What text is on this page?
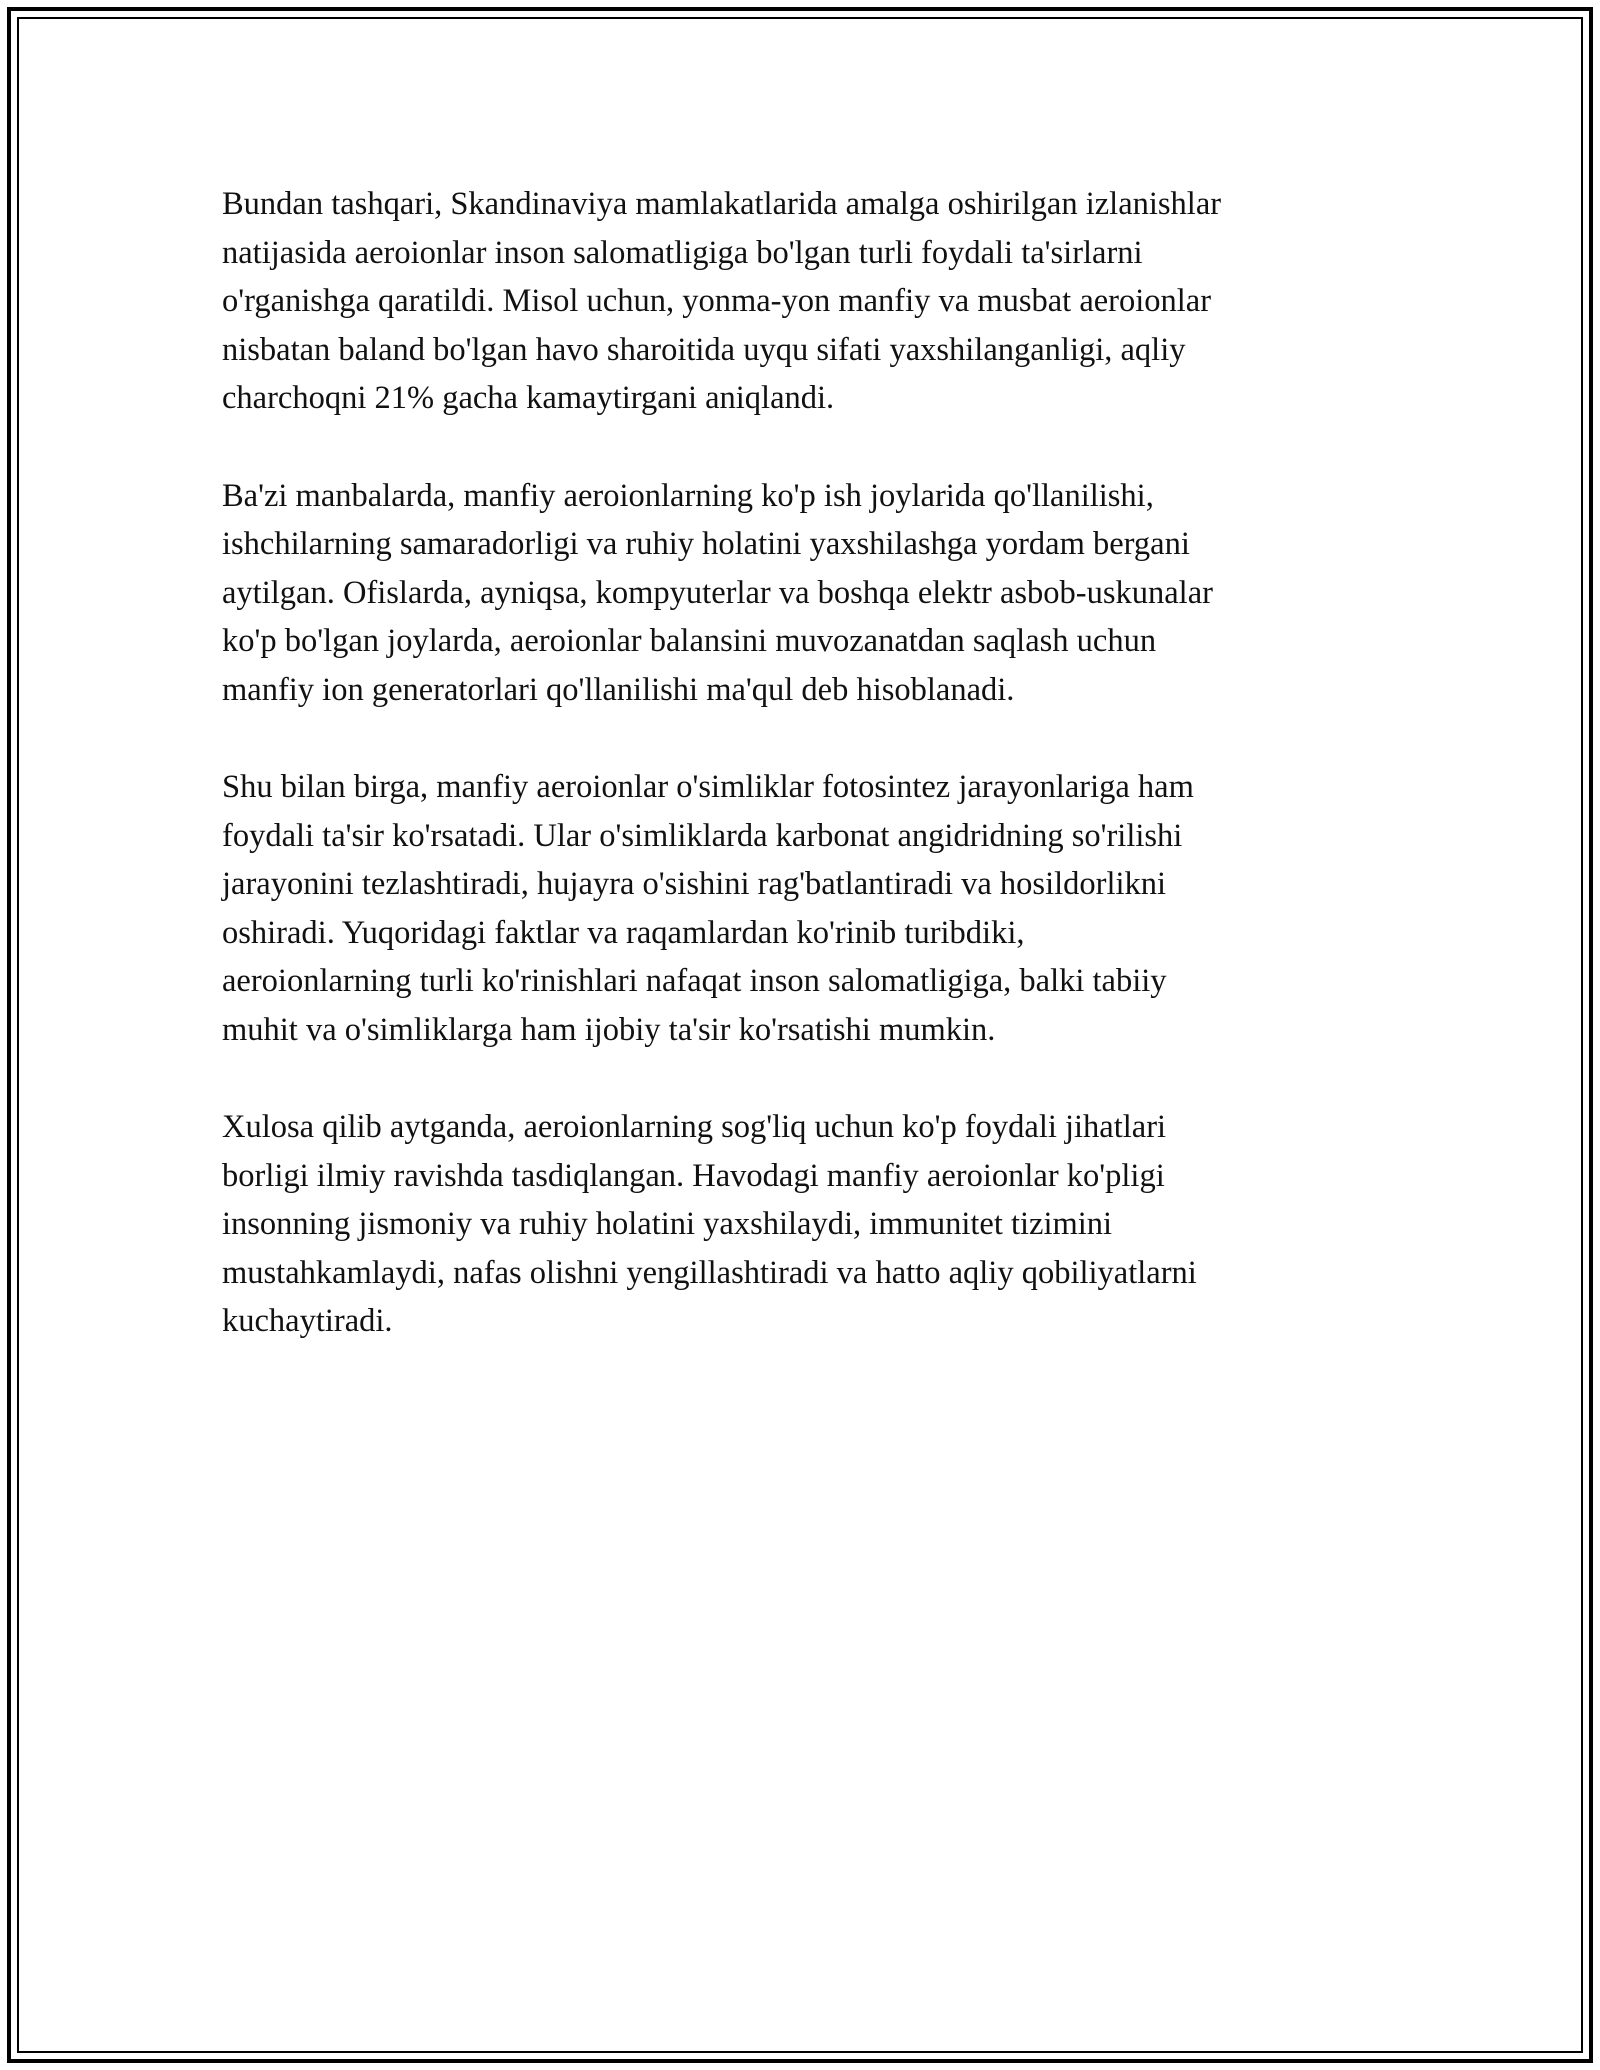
Bundan tashqari, Skandinaviya mamlakatlarida amalga oshirilgan izlanishlar
natijasida aeroionlar inson salomatligiga bo'lgan turli foydali ta'sirlarni
o'rganishga qaratildi. Misol uchun, yonma-yon manfiy va musbat aeroionlar
nisbatan baland bo'lgan havo sharoitida uyqu sifati yaxshilanganligi, aqliy
charchoqni 21% gacha kamaytirgani aniqlandi.

Ba'zi manbalarda, manfiy aeroionlarning ko'p ish joylarida qo'llanilishi,
ishchilarning samaradorligi va ruhiy holatini yaxshilashga yordam bergani
aytilgan. Ofislarda, ayniqsa, kompyuterlar va boshqa elektr asbob-uskunalar
ko'p bo'lgan joylarda, aeroionlar balansini muvozanatdan saqlash uchun
manfiy ion generatorlari qo'llanilishi ma'qul deb hisoblanadi.

Shu bilan birga, manfiy aeroionlar o'simliklar fotosintez jarayonlariga ham
foydali ta'sir ko'rsatadi. Ular o'simliklarda karbonat angidridning so'rilishi
jarayonini tezlashtiradi, hujayra o'sishini rag'batlantiradi va hosildorlikni
oshiradi. Yuqoridagi faktlar va raqamlardan ko'rinib turibdiki,
aeroionlarning turli ko'rinishlari nafaqat inson salomatligiga, balki tabiiy
muhit va o'simliklarga ham ijobiy ta'sir ko'rsatishi mumkin.

Xulosa qilib aytganda, aeroionlarning sog'liq uchun ko'p foydali jihatlari
borligi ilmiy ravishda tasdiqlangan. Havodagi manfiy aeroionlar ko'pligi
insonning jismoniy va ruhiy holatini yaxshilaydi, immunitet tizimini
mustahkamlaydi, nafas olishni yengillashtiradi va hatto aqliy qobiliyatlarni
kuchaytiradi.
